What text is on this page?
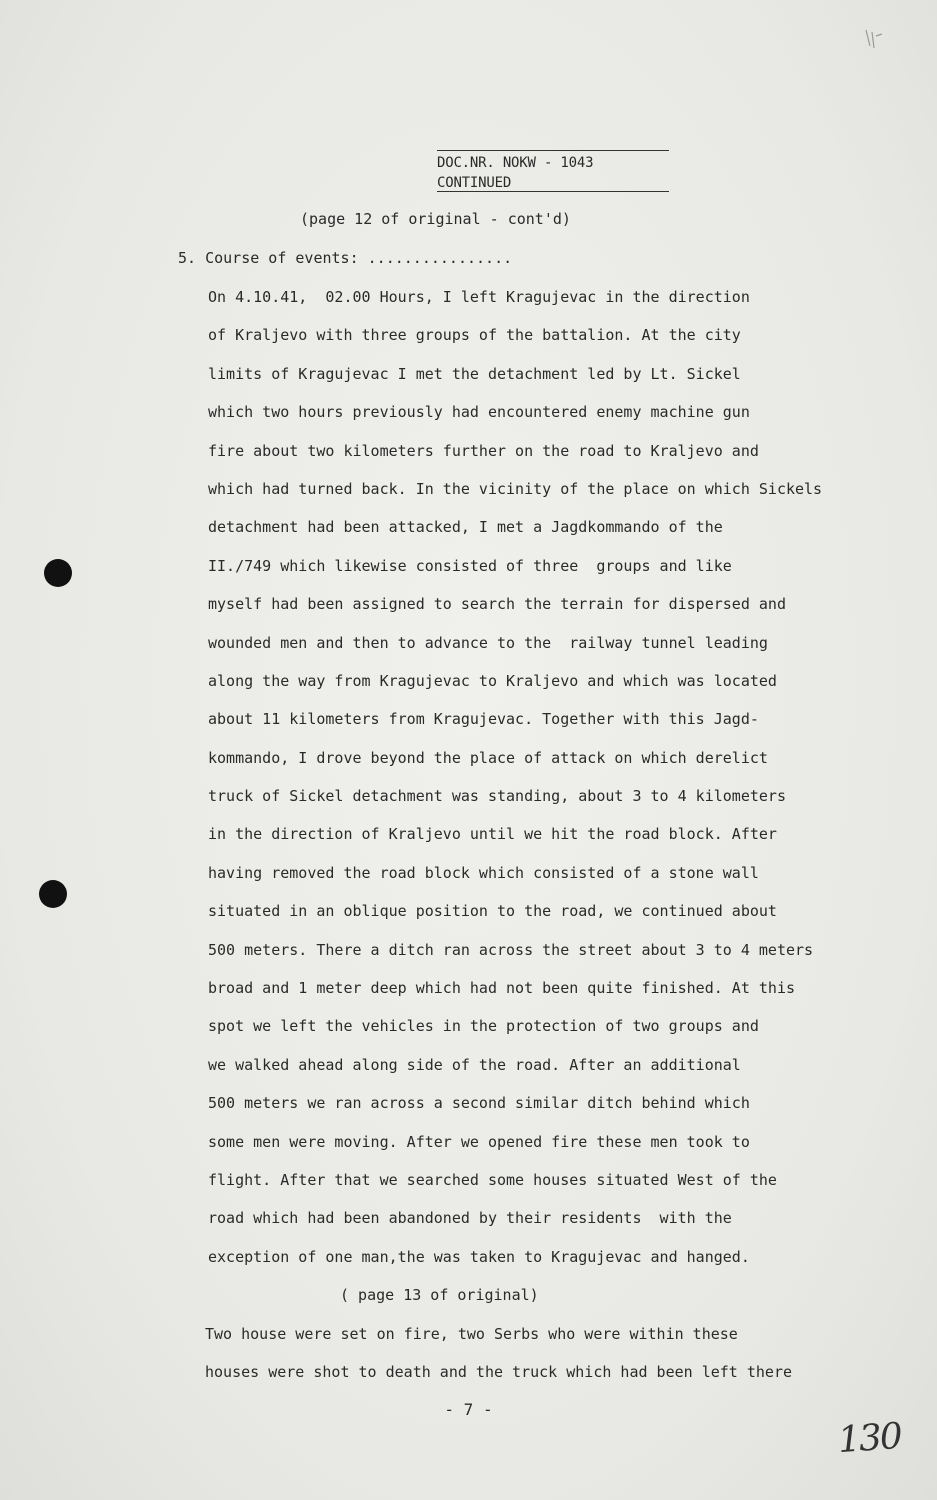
DOC.NR. NOKW - 1043
CONTINUED
(page 12 of original - cont'd)
5. Course of events: ................
On 4.10.41,  02.00 Hours, I left Kragujevac in the direction
of Kraljevo with three groups of the battalion. At the city
limits of Kragujevac I met the detachment led by Lt. Sickel
which two hours previously had encountered enemy machine gun
fire about two kilometers further on the road to Kraljevo and
which had turned back. In the vicinity of the place on which Sickels
detachment had been attacked, I met a Jagdkommando of the
II./749 which likewise consisted of three  groups and like
myself had been assigned to search the terrain for dispersed and
wounded men and then to advance to the  railway tunnel leading
along the way from Kragujevac to Kraljevo and which was located
about 11 kilometers from Kragujevac. Together with this Jagd-
kommando, I drove beyond the place of attack on which derelict
truck of Sickel detachment was standing, about 3 to 4 kilometers
in the direction of Kraljevo until we hit the road block. After
having removed the road block which consisted of a stone wall
situated in an oblique position to the road, we continued about
500 meters. There a ditch ran across the street about 3 to 4 meters
broad and 1 meter deep which had not been quite finished. At this
spot we left the vehicles in the protection of two groups and
we walked ahead along side of the road. After an additional
500 meters we ran across a second similar ditch behind which
some men were moving. After we opened fire these men took to
flight. After that we searched some houses situated West of the
road which had been abandoned by their residents  with the
exception of one man,the was taken to Kragujevac and hanged.
( page 13 of original)
Two house were set on fire, two Serbs who were within these
houses were shot to death and the truck which had been left there
- 7 -
130
